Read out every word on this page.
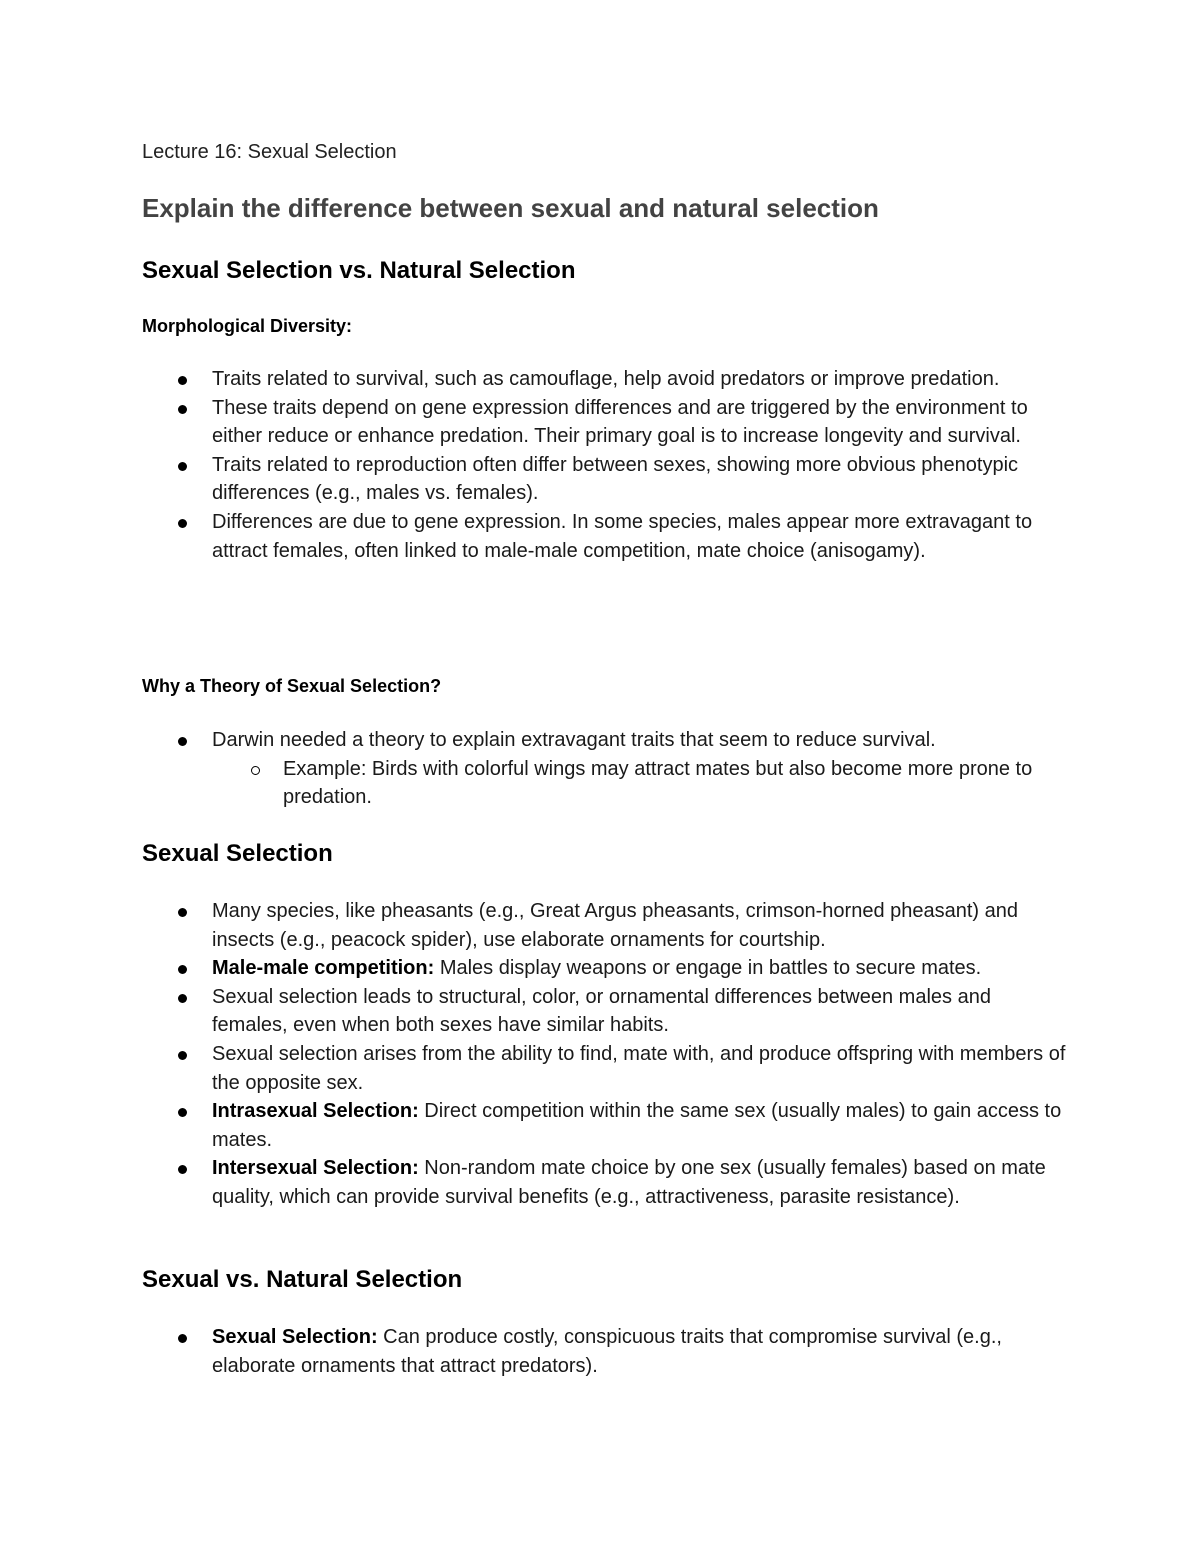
Lecture 16: Sexual Selection
Explain the difference between sexual and natural selection
Sexual Selection vs. Natural Selection
Morphological Diversity:
Traits related to survival, such as camouflage, help avoid predators or improve predation.
These traits depend on gene expression differences and are triggered by the environment to either reduce or enhance predation. Their primary goal is to increase longevity and survival.
Traits related to reproduction often differ between sexes, showing more obvious phenotypic differences (e.g., males vs. females).
Differences are due to gene expression. In some species, males appear more extravagant to attract females, often linked to male-male competition, mate choice (anisogamy).
Why a Theory of Sexual Selection?
Darwin needed a theory to explain extravagant traits that seem to reduce survival.
Example: Birds with colorful wings may attract mates but also become more prone to predation.
Sexual Selection
Many species, like pheasants (e.g., Great Argus pheasants, crimson-horned pheasant) and insects (e.g., peacock spider), use elaborate ornaments for courtship.
Male-male competition: Males display weapons or engage in battles to secure mates.
Sexual selection leads to structural, color, or ornamental differences between males and females, even when both sexes have similar habits.
Sexual selection arises from the ability to find, mate with, and produce offspring with members of the opposite sex.
Intrasexual Selection: Direct competition within the same sex (usually males) to gain access to mates.
Intersexual Selection: Non-random mate choice by one sex (usually females) based on mate quality, which can provide survival benefits (e.g., attractiveness, parasite resistance).
Sexual vs. Natural Selection
Sexual Selection: Can produce costly, conspicuous traits that compromise survival (e.g., elaborate ornaments that attract predators).
